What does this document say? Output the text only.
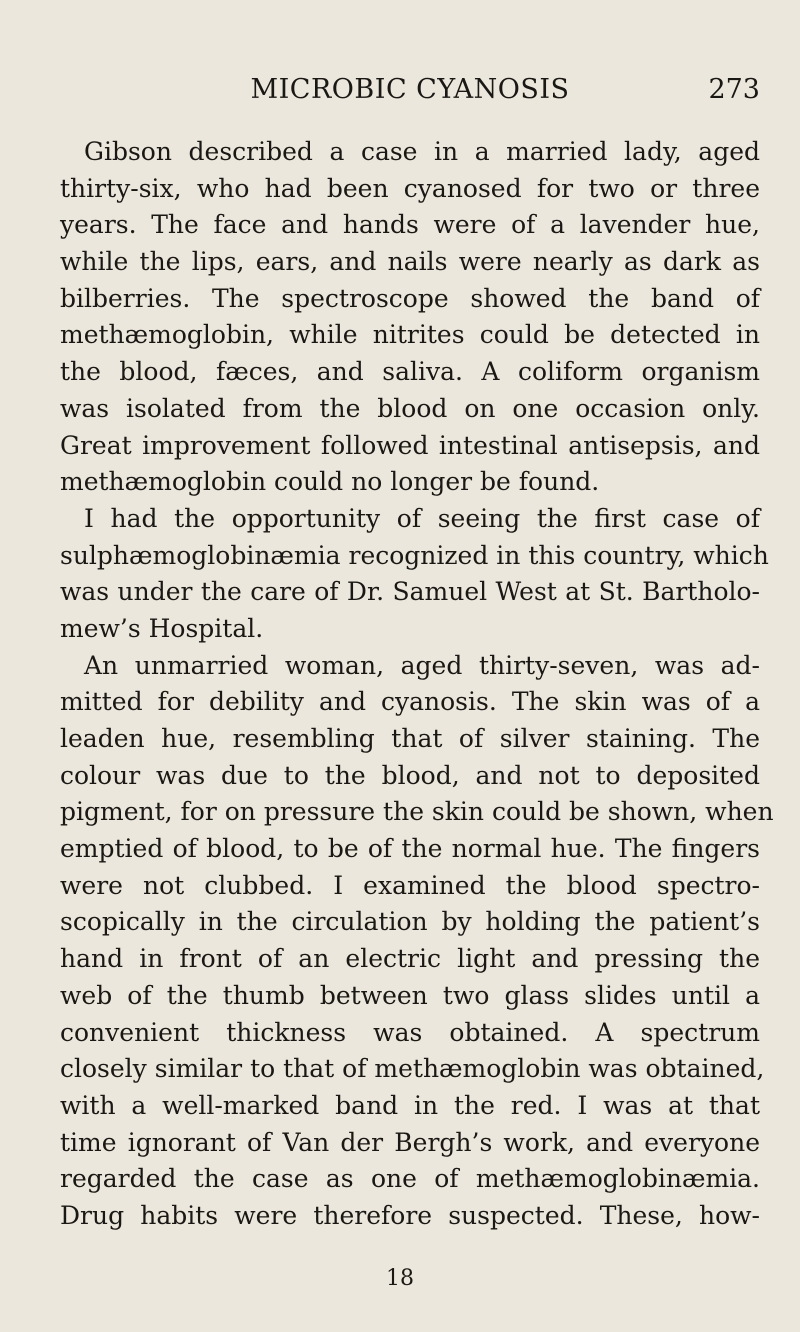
MICROBIC CYANOSIS	273
Gibson described a case in a married lady, aged
thirty-six, who had been cyanosed for two or three
years. The face and hands were of a lavender hue,
while the lips, ears, and nails were nearly as dark as
bilberries. The spectroscope showed the band of
methæmoglobin, while nitrites could be detected in
the blood, fæces, and saliva. A coliform organism
was isolated from the blood on one occasion only.
Great improvement followed intestinal antisepsis, and
methæmoglobin could no longer be found.
I had the opportunity of seeing the first case of
sulphæmoglobinæmia recognized in this country, which
was under the care of Dr. Samuel West at St. Bartholo-
mew’s Hospital.
An unmarried woman, aged thirty-seven, was ad-
mitted for debility and cyanosis. The skin was of a
leaden hue, resembling that of silver staining. The
colour was due to the blood, and not to deposited
pigment, for on pressure the skin could be shown, when
emptied of blood, to be of the normal hue. The fingers
were not clubbed. I examined the blood spectro-
scopically in the circulation by holding the patient’s
hand in front of an electric light and pressing the
web of the thumb between two glass slides until a
convenient thickness was obtained. A spectrum
closely similar to that of methæmoglobin was obtained,
with a well-marked band in the red. I was at that
time ignorant of Van der Bergh’s work, and everyone
regarded the case as one of methæmoglobinæmia.
Drug habits were therefore suspected. These, how-
18
